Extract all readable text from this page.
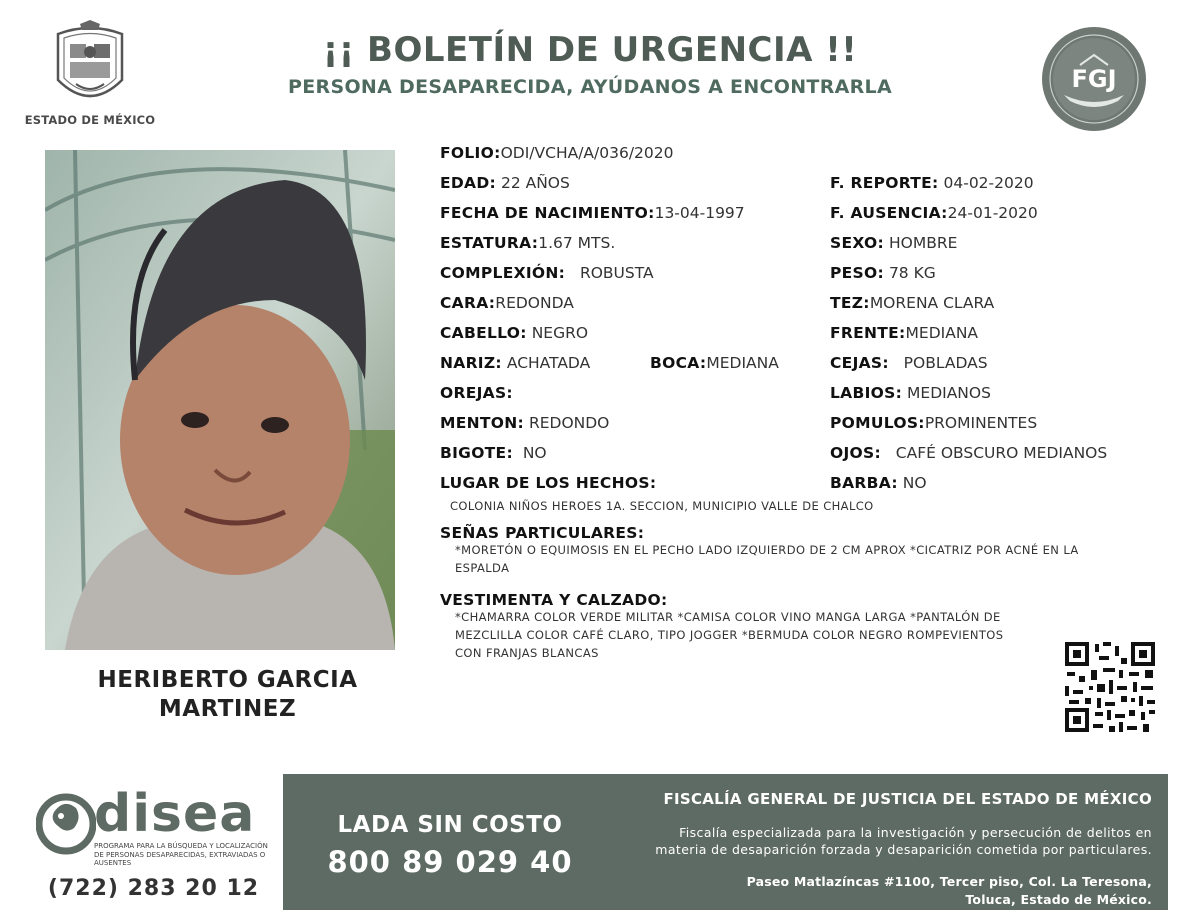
ESTADO DE MÉXICO
¡¡ BOLETÍN DE URGENCIA !!
PERSONA DESAPARECIDA, AYÚDANOS A ENCONTRARLA	FGJ
HERIBERTO GARCIA
MARTINEZ
FOLIO:ODI/VCHA/A/036/2020
EDAD: 22 AÑOS	F. REPORTE: 04-02-2020
FECHA DE NACIMIENTO:13-04-1997	F. AUSENCIA:24-01-2020
ESTATURA:1.67 MTS.	SEXO: HOMBRE
COMPLEXIÓN: ROBUSTA	PESO: 78 KG
CARA:REDONDA	TEZ:MORENA CLARA
CABELLO: NEGRO	FRENTE:MEDIANA
NARIZ: ACHATADA	BOCA:MEDIANA	CEJAS: POBLADAS
OREJAS:	LABIOS: MEDIANOS
MENTON: REDONDO	POMULOS:PROMINENTES
BIGOTE: NO	OJOS: CAFÉ OBSCURO MEDIANOS
LUGAR DE LOS HECHOS:	BARBA: NO
COLONIA NIÑOS HEROES 1A. SECCION, MUNICIPIO VALLE DE CHALCO
SEÑAS PARTICULARES:
*MORETÓN O EQUIMOSIS EN EL PECHO LADO IZQUIERDO DE 2 CM APROX *CICATRIZ POR ACNÉ EN LA
ESPALDA
VESTIMENTA Y CALZADO:
*CHAMARRA COLOR VERDE MILITAR *CAMISA COLOR VINO MANGA LARGA *PANTALÓN DE
MEZCLILLA COLOR CAFÉ CLARO, TIPO JOGGER *BERMUDA COLOR NEGRO ROMPEVIENTOS
CON FRANJAS BLANCAS
disea
PROGRAMA PARA LA BÚSQUEDA Y LOCALIZACIÓN DE PERSONAS DESAPARECIDAS, EXTRAVIADAS O AUSENTES
(722) 283 20 12
LADA SIN COSTO
800 89 029 40
FISCALÍA GENERAL DE JUSTICIA DEL ESTADO DE MÉXICO
Fiscalía especializada para la investigación y persecución de delitos en
materia de desaparición forzada y desaparición cometida por particulares.
Paseo Matlazíncas #1100, Tercer piso, Col. La Teresona,
Toluca, Estado de México.
